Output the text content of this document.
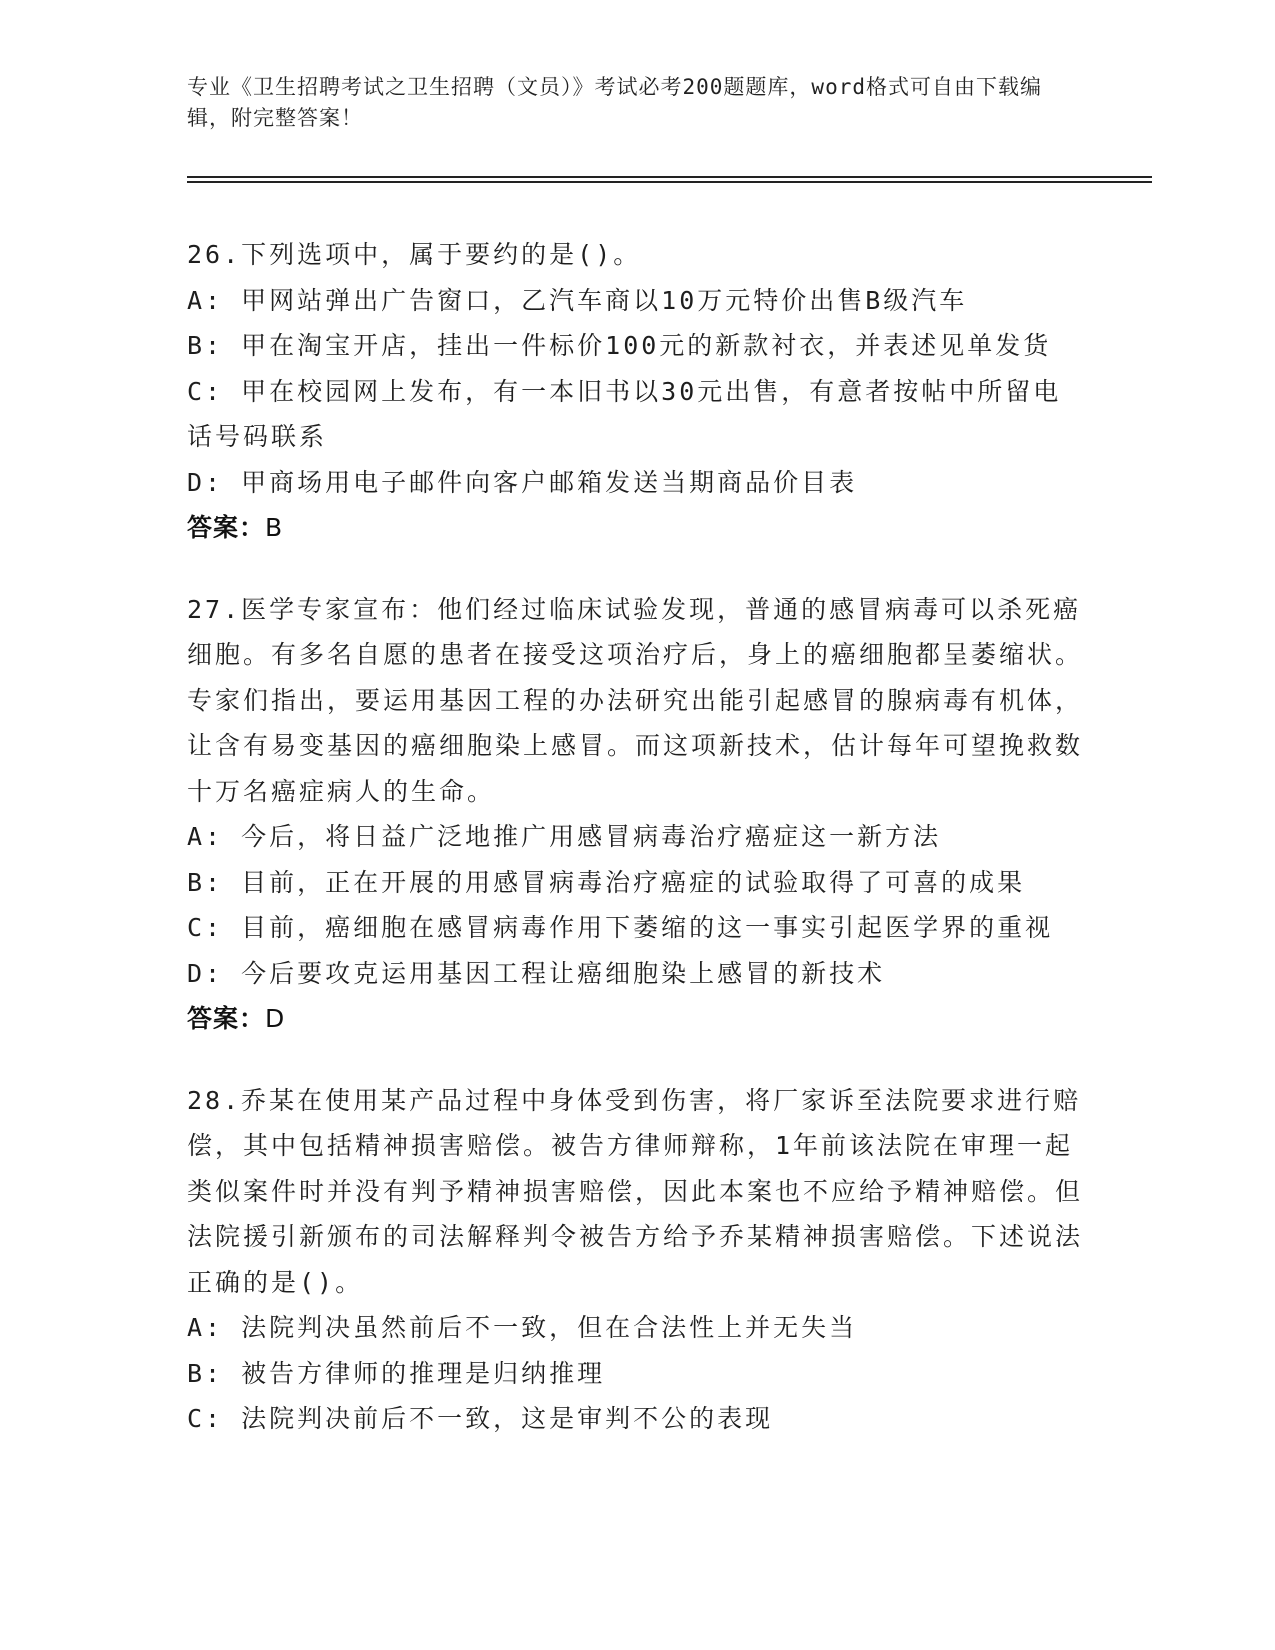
专业《卫生招聘考试之卫生招聘（文员）》考试必考200题题库，word格式可自由下载编辑，附完整答案！

26.下列选项中，属于要约的是()。

A: 甲网站弹出广告窗口，乙汽车商以10万元特价出售B级汽车

B: 甲在淘宝开店，挂出一件标价100元的新款衬衣，并表述见单发货

C: 甲在校园网上发布，有一本旧书以30元出售，有意者按帖中所留电话号码联系

D: 甲商场用电子邮件向客户邮箱发送当期商品价目表

答案：B

27.医学专家宣布：他们经过临床试验发现，普通的感冒病毒可以杀死癌细胞。有多名自愿的患者在接受这项治疗后，身上的癌细胞都呈萎缩状。专家们指出，要运用基因工程的办法研究出能引起感冒的腺病毒有机体，让含有易变基因的癌细胞染上感冒。而这项新技术，估计每年可望挽救数十万名癌症病人的生命。

A: 今后，将日益广泛地推广用感冒病毒治疗癌症这一新方法

B: 目前，正在开展的用感冒病毒治疗癌症的试验取得了可喜的成果

C: 目前，癌细胞在感冒病毒作用下萎缩的这一事实引起医学界的重视

D: 今后要攻克运用基因工程让癌细胞染上感冒的新技术

答案：D

28.乔某在使用某产品过程中身体受到伤害，将厂家诉至法院要求进行赔偿，其中包括精神损害赔偿。被告方律师辩称，1年前该法院在审理一起类似案件时并没有判予精神损害赔偿，因此本案也不应给予精神赔偿。但法院援引新颁布的司法解释判令被告方给予乔某精神损害赔偿。下述说法正确的是()。

A: 法院判决虽然前后不一致，但在合法性上并无失当

B: 被告方律师的推理是归纳推理

C: 法院判决前后不一致，这是审判不公的表现
